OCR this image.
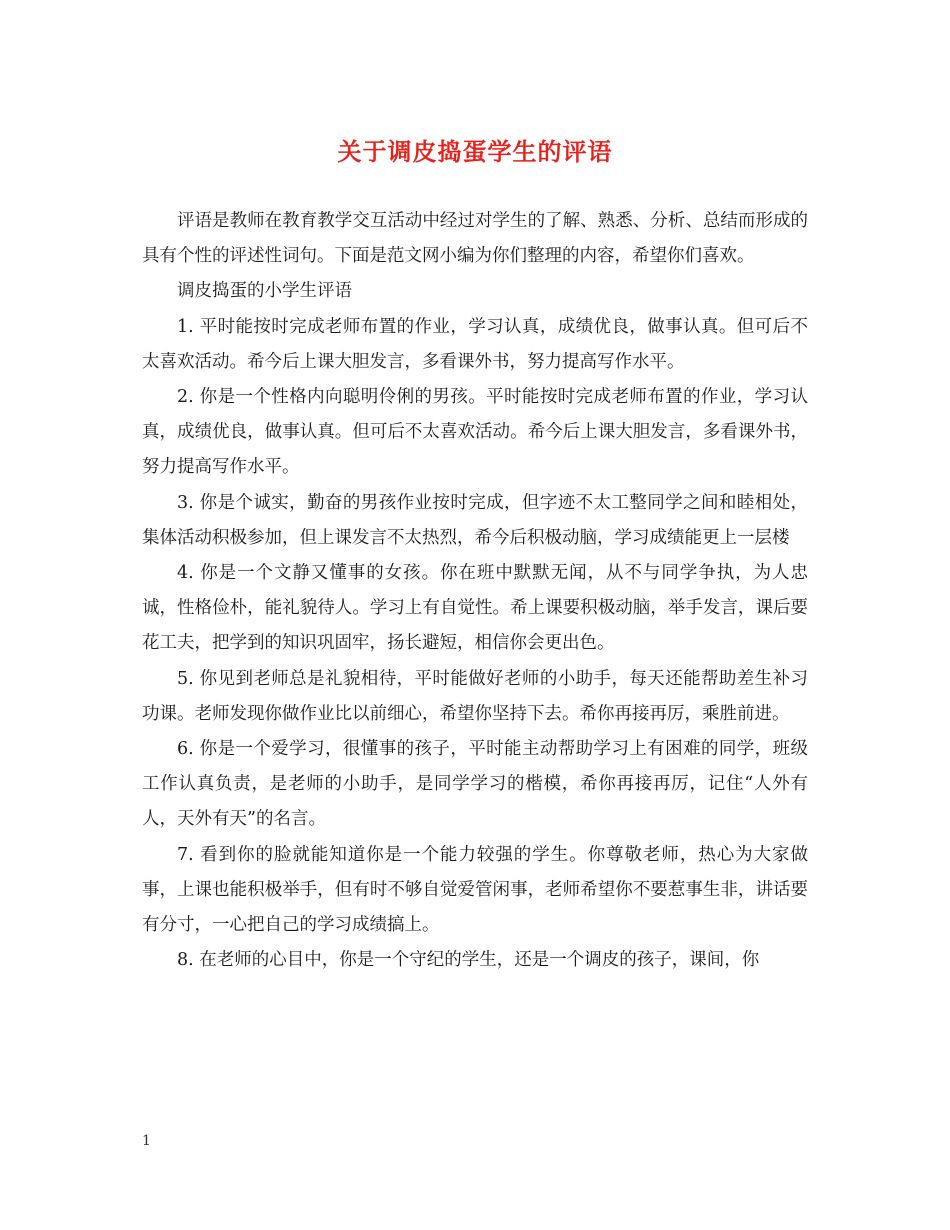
关于调皮捣蛋学生的评语

评语是教师在教育教学交互活动中经过对学生的了解、熟悉、分析、总结而形成的具有个性的评述性词句。下面是范文网小编为你们整理的内容，希望你们喜欢。

调皮捣蛋的小学生评语

1. 平时能按时完成老师布置的作业，学习认真，成绩优良，做事认真。但可后不太喜欢活动。希今后上课大胆发言，多看课外书，努力提高写作水平。

2. 你是一个性格内向聪明伶俐的男孩。平时能按时完成老师布置的作业，学习认真，成绩优良，做事认真。但可后不太喜欢活动。希今后上课大胆发言，多看课外书，努力提高写作水平。

3. 你是个诚实，勤奋的男孩作业按时完成，但字迹不太工整同学之间和睦相处，集体活动积极参加，但上课发言不太热烈，希今后积极动脑，学习成绩能更上一层楼

4. 你是一个文静又懂事的女孩。你在班中默默无闻，从不与同学争执，为人忠诚，性格俭朴，能礼貌待人。学习上有自觉性。希上课要积极动脑，举手发言，课后要花工夫，把学到的知识巩固牢，扬长避短，相信你会更出色。

5. 你见到老师总是礼貌相待，平时能做好老师的小助手，每天还能帮助差生补习功课。老师发现你做作业比以前细心，希望你坚持下去。希你再接再厉，乘胜前进。

6. 你是一个爱学习，很懂事的孩子，平时能主动帮助学习上有困难的同学，班级工作认真负责，是老师的小助手，是同学学习的楷模，希你再接再厉，记住“人外有人，天外有天”的名言。

7. 看到你的脸就能知道你是一个能力较强的学生。你尊敬老师，热心为大家做事，上课也能积极举手，但有时不够自觉爱管闲事，老师希望你不要惹事生非，讲话要有分寸，一心把自己的学习成绩搞上。

8. 在老师的心目中，你是一个守纪的学生，还是一个调皮的孩子，课间，你

1
